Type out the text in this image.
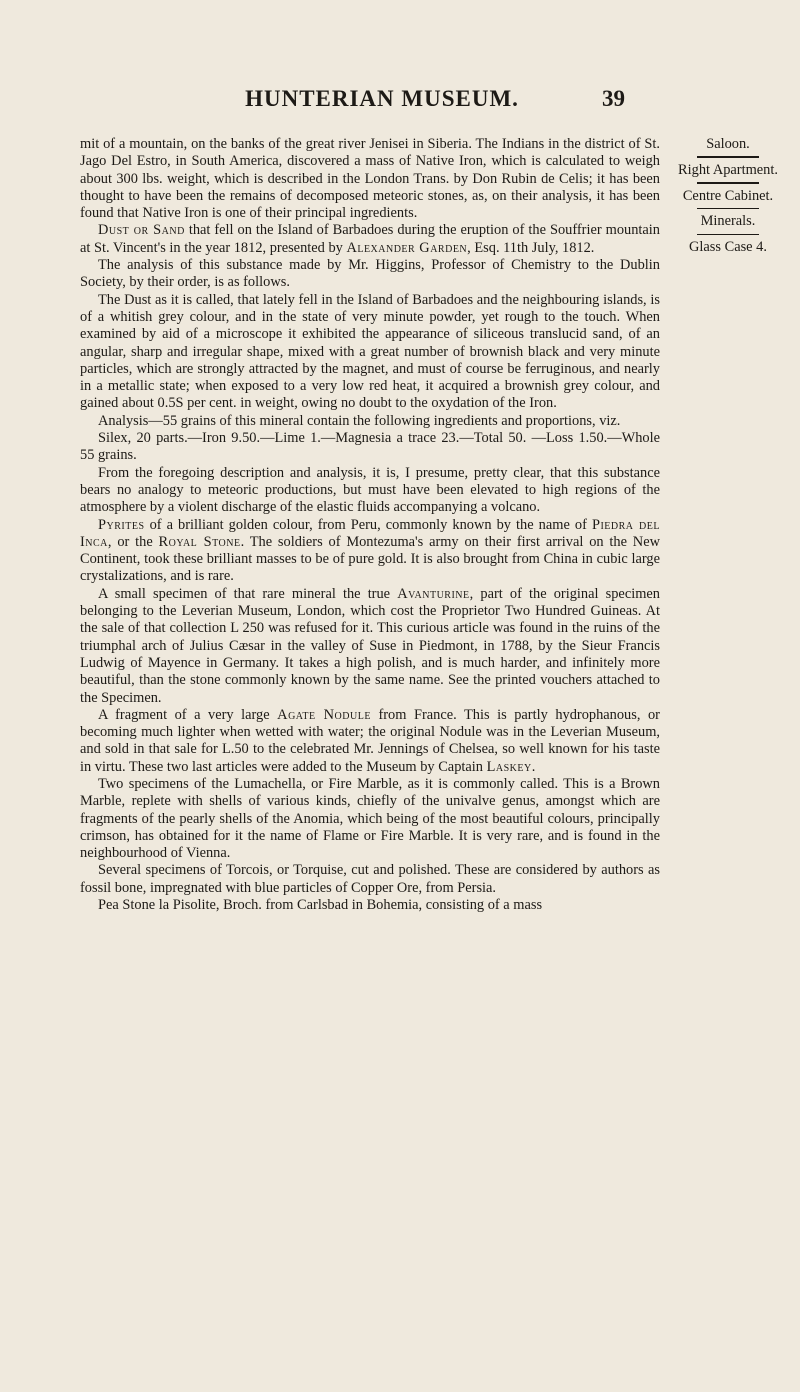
HUNTERIAN MUSEUM.	39

mit of a mountain, on the banks of the great river Jenisei in Siberia. The Indians in the district of St. Jago Del Estro, in South America, discovered a mass of Native Iron, which is calculated to weigh about 300 lbs. weight, which is described in the London Trans. by Don Rubin de Celis; it has been thought to have been the remains of decomposed meteoric stones, as, on their analysis, it has been found that Native Iron is one of their principal ingredients.

Dust or Sand that fell on the Island of Barbadoes during the eruption of the Souffrier mountain at St. Vincent's in the year 1812, presented by Alexander Garden, Esq. 11th July, 1812.

The analysis of this substance made by Mr. Higgins, Professor of Chemistry to the Dublin Society, by their order, is as follows.

The Dust as it is called, that lately fell in the Island of Barbadoes and the neighbouring islands, is of a whitish grey colour, and in the state of very minute powder, yet rough to the touch. When examined by aid of a microscope it exhibited the appearance of siliceous translucid sand, of an angular, sharp and irregular shape, mixed with a great number of brownish black and very minute particles, which are strongly attracted by the magnet, and must of course be ferruginous, and nearly in a metallic state; when exposed to a very low red heat, it acquired a brownish grey colour, and gained about 0.5S per cent. in weight, owing no doubt to the oxydation of the Iron.

Analysis—55 grains of this mineral contain the following ingredients and proportions, viz.

Silex, 20 parts.—Iron 9.50.—Lime 1.—Magnesia a trace 23.—Total 50. —Loss 1.50.—Whole 55 grains.

From the foregoing description and analysis, it is, I presume, pretty clear, that this substance bears no analogy to meteoric productions, but must have been elevated to high regions of the atmosphere by a violent discharge of the elastic fluids accompanying a volcano.

Pyrites of a brilliant golden colour, from Peru, commonly known by the name of Piedra del Inca, or the Royal Stone. The soldiers of Montezuma's army on their first arrival on the New Continent, took these brilliant masses to be of pure gold. It is also brought from China in cubic large crystalizations, and is rare.

A small specimen of that rare mineral the true Avanturine, part of the original specimen belonging to the Leverian Museum, London, which cost the Proprietor Two Hundred Guineas. At the sale of that collection L 250 was refused for it. This curious article was found in the ruins of the triumphal arch of Julius Cæsar in the valley of Suse in Piedmont, in 1788, by the Sieur Francis Ludwig of Mayence in Germany. It takes a high polish, and is much harder, and infinitely more beautiful, than the stone commonly known by the same name. See the printed vouchers attached to the Specimen.

A fragment of a very large Agate Nodule from France. This is partly hydrophanous, or becoming much lighter when wetted with water; the original Nodule was in the Leverian Museum, and sold in that sale for L.50 to the celebrated Mr. Jennings of Chelsea, so well known for his taste in virtu. These two last articles were added to the Museum by Captain Laskey.

Two specimens of the Lumachella, or Fire Marble, as it is commonly called. This is a Brown Marble, replete with shells of various kinds, chiefly of the univalve genus, amongst which are fragments of the pearly shells of the Anomia, which being of the most beautiful colours, principally crimson, has obtained for it the name of Flame or Fire Marble. It is very rare, and is found in the neighbourhood of Vienna.

Several specimens of Torcois, or Torquise, cut and polished. These are considered by authors as fossil bone, impregnated with blue particles of Copper Ore, from Persia.

Pea Stone la Pisolite, Broch. from Carlsbad in Bohemia, consisting of a mass

Saloon.
Right Apartment.
Centre Cabinet.
Minerals.
Glass Case 4.
